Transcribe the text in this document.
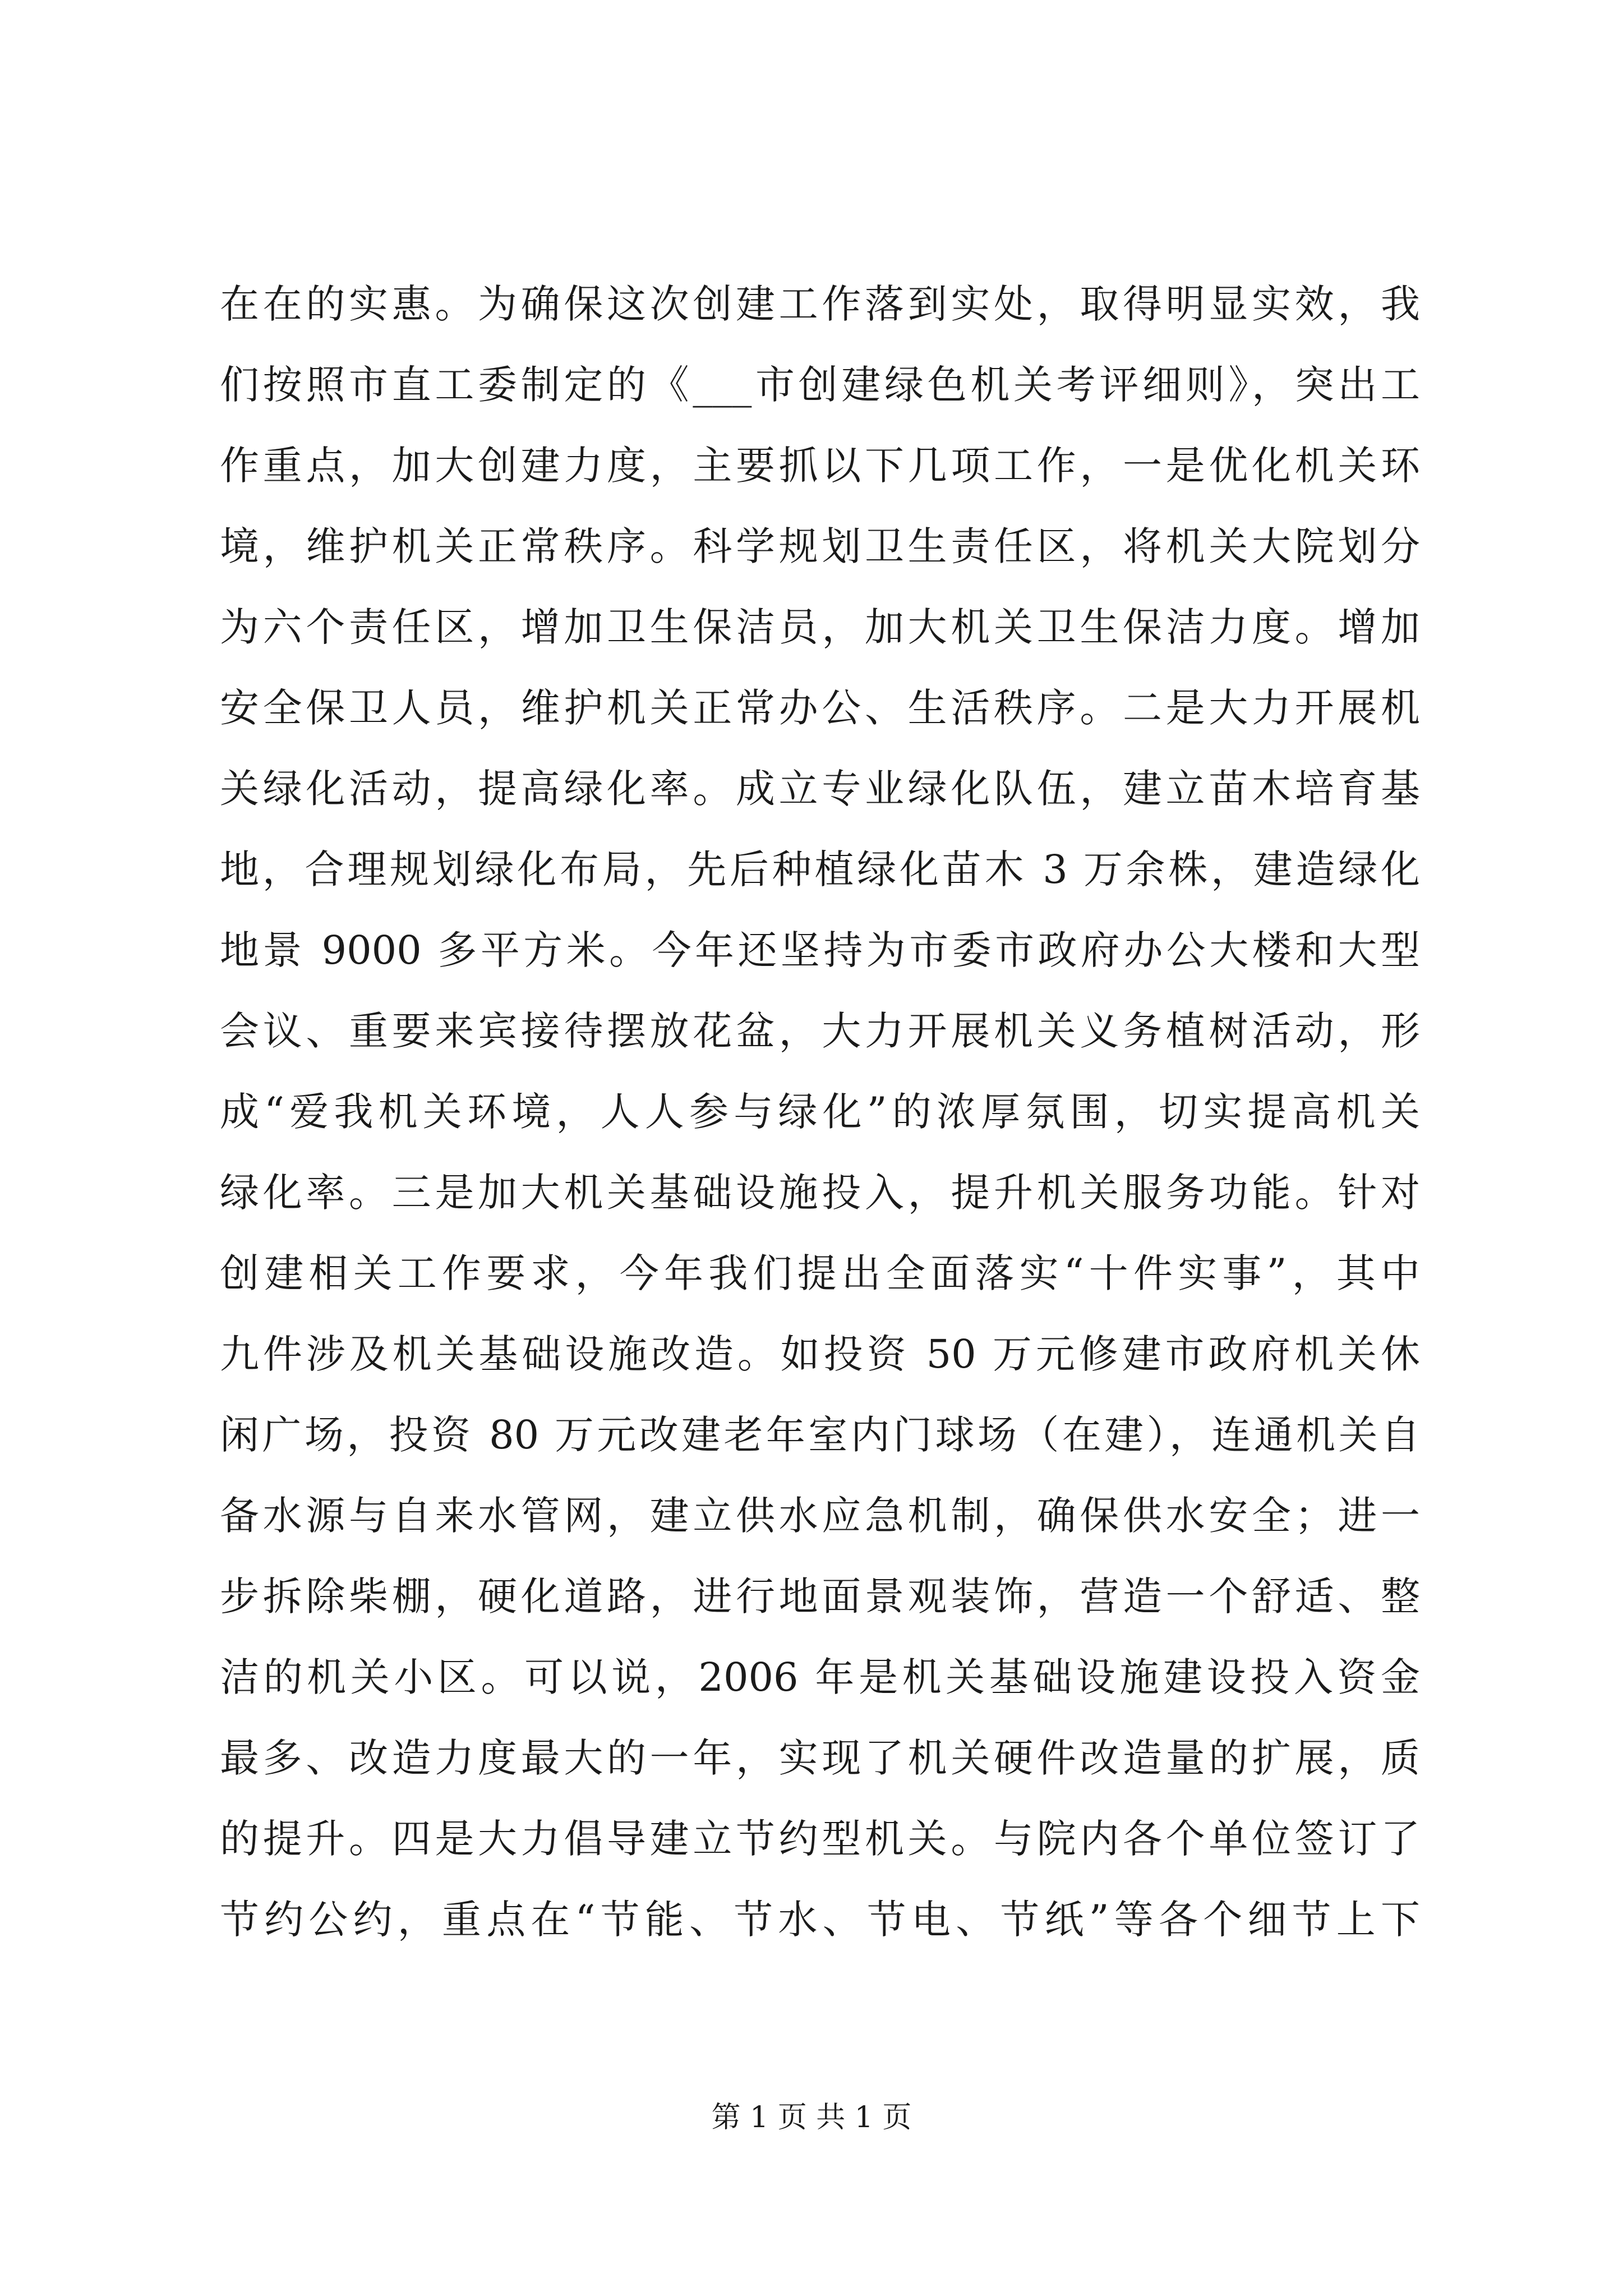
在在的实惠。为确保这次创建工作落到实处，取得明显实效，我
们按照市直工委制定的《___市创建绿色机关考评细则》，突出工
作重点，加大创建力度，主要抓以下几项工作，一是优化机关环
境，维护机关正常秩序。科学规划卫生责任区，将机关大院划分
为六个责任区，增加卫生保洁员，加大机关卫生保洁力度。增加
安全保卫人员，维护机关正常办公、生活秩序。二是大力开展机
关绿化活动，提高绿化率。成立专业绿化队伍，建立苗木培育基
地，合理规划绿化布局，先后种植绿化苗木 3 万余株，建造绿化
地景 9000 多平方米。今年还坚持为市委市政府办公大楼和大型
会议、重要来宾接待摆放花盆，大力开展机关义务植树活动，形
成“爱我机关环境，人人参与绿化”的浓厚氛围，切实提高机关
绿化率。三是加大机关基础设施投入，提升机关服务功能。针对
创建相关工作要求，今年我们提出全面落实“十件实事”，其中
九件涉及机关基础设施改造。如投资 50 万元修建市政府机关休
闲广场，投资 80 万元改建老年室内门球场（在建），连通机关自
备水源与自来水管网，建立供水应急机制，确保供水安全；进一
步拆除柴棚，硬化道路，进行地面景观装饰，营造一个舒适、整
洁的机关小区。可以说，2006 年是机关基础设施建设投入资金
最多、改造力度最大的一年，实现了机关硬件改造量的扩展，质
的提升。四是大力倡导建立节约型机关。与院内各个单位签订了
节约公约，重点在“节能、节水、节电、节纸”等各个细节上下
第 1 页 共 1 页
